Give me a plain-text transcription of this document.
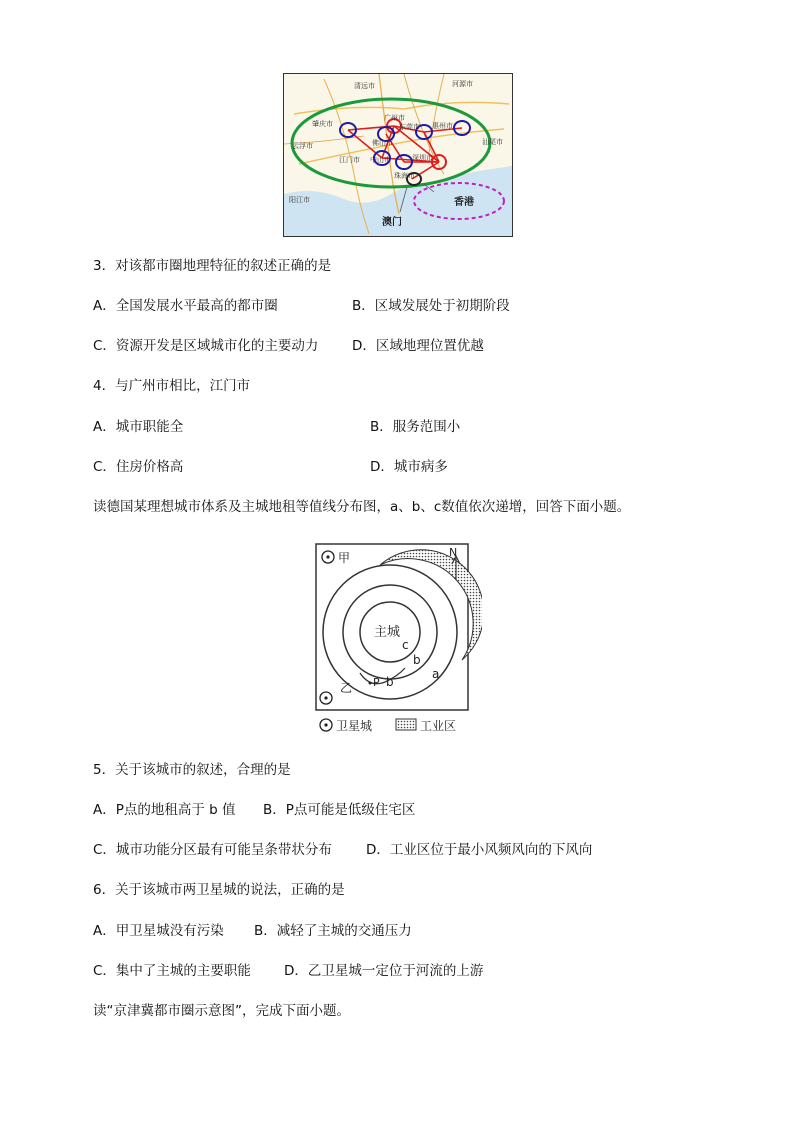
清远市	河源市
广州市
肇庆市
佛山市
东莞市 惠州市
云浮市	汕尾市
江门市 中山市	深圳市
珠海市
阳江市	香港
澳门
3．对该都市圈地理特征的叙述正确的是
A．全国发展水平最高的都市圈	B．区域发展处于初期阶段
C．资源开发是区域城市化的主要动力 D．区域地理位置优越
4．与广州市相比，江门市
A．城市职能全	B．服务范围小
C．住房价格高	D．城市病多
读德国某理想城市体系及主城地租等值线分布图，a、b、c数值依次递增，回答下面小题。
N
甲
乙
主城
c
b
a
P b
卫星城	工业区
5．关于该城市的叙述，合理的是
A．P点的地租高于 b 值 B．P点可能是低级住宅区
C．城市功能分区最有可能呈条带状分布	D．工业区位于最小风频风向的下风向
6．关于该城市两卫星城的说法，正确的是
A．甲卫星城没有污染 B．减轻了主城的交通压力
C．集中了主城的主要职能 D．乙卫星城一定位于河流的上游
读“京津冀都市圈示意图”，完成下面小题。
